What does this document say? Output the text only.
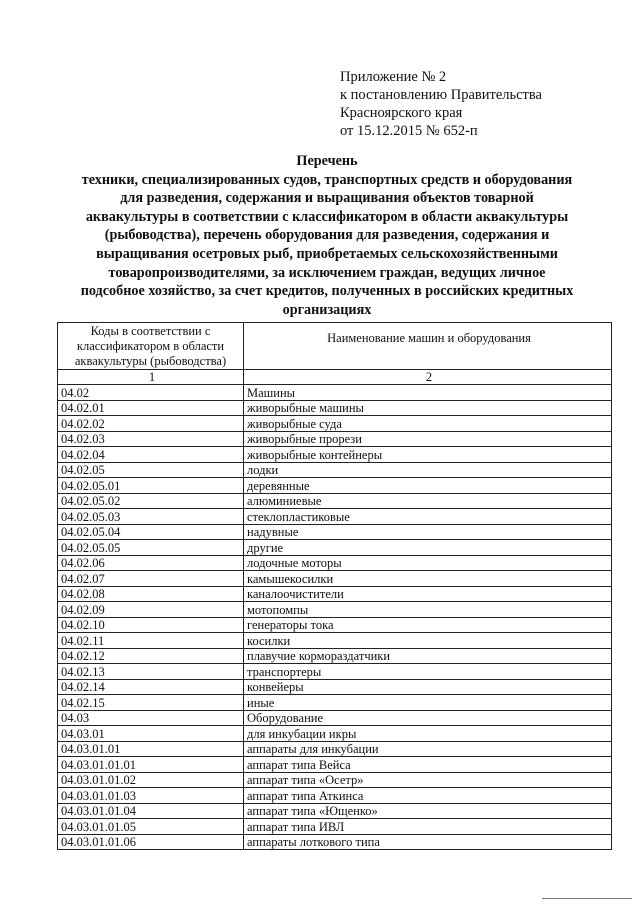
Приложение № 2
к постановлению Правительства
Красноярского края
от 15.12.2015 № 652-п
Перечень
техники, специализированных судов, транспортных средств и оборудования
для разведения, содержания и выращивания объектов товарной
аквакультуры в соответствии с классификатором в области аквакультуры
(рыбоводства), перечень оборудования для разведения, содержания и
выращивания осетровых рыб, приобретаемых сельскохозяйственными
товаропроизводителями, за исключением граждан, ведущих личное
подсобное хозяйство, за счет кредитов, полученных в российских кредитных
организациях
Коды в соответствии с классификатором в области аквакультуры (рыбоводства)	Наименование машин и оборудования
1	2
04.02	Машины
04.02.01	живорыбные машины
04.02.02	живорыбные суда
04.02.03	живорыбные прорези
04.02.04	живорыбные контейнеры
04.02.05	лодки
04.02.05.01	деревянные
04.02.05.02	алюминиевые
04.02.05.03	стеклопластиковые
04.02.05.04	надувные
04.02.05.05	другие
04.02.06	лодочные моторы
04.02.07	камышекосилки
04.02.08	каналоочистители
04.02.09	мотопомпы
04.02.10	генераторы тока
04.02.11	косилки
04.02.12	плавучие кормораздатчики
04.02.13	транспортеры
04.02.14	конвейеры
04.02.15	иные
04.03	Оборудование
04.03.01	для инкубации икры
04.03.01.01	аппараты для инкубации
04.03.01.01.01	аппарат типа Вейса
04.03.01.01.02	аппарат типа «Осетр»
04.03.01.01.03	аппарат типа Аткинса
04.03.01.01.04	аппарат типа «Ющенко»
04.03.01.01.05	аппарат типа ИВЛ
04.03.01.01.06	аппараты лоткового типа
